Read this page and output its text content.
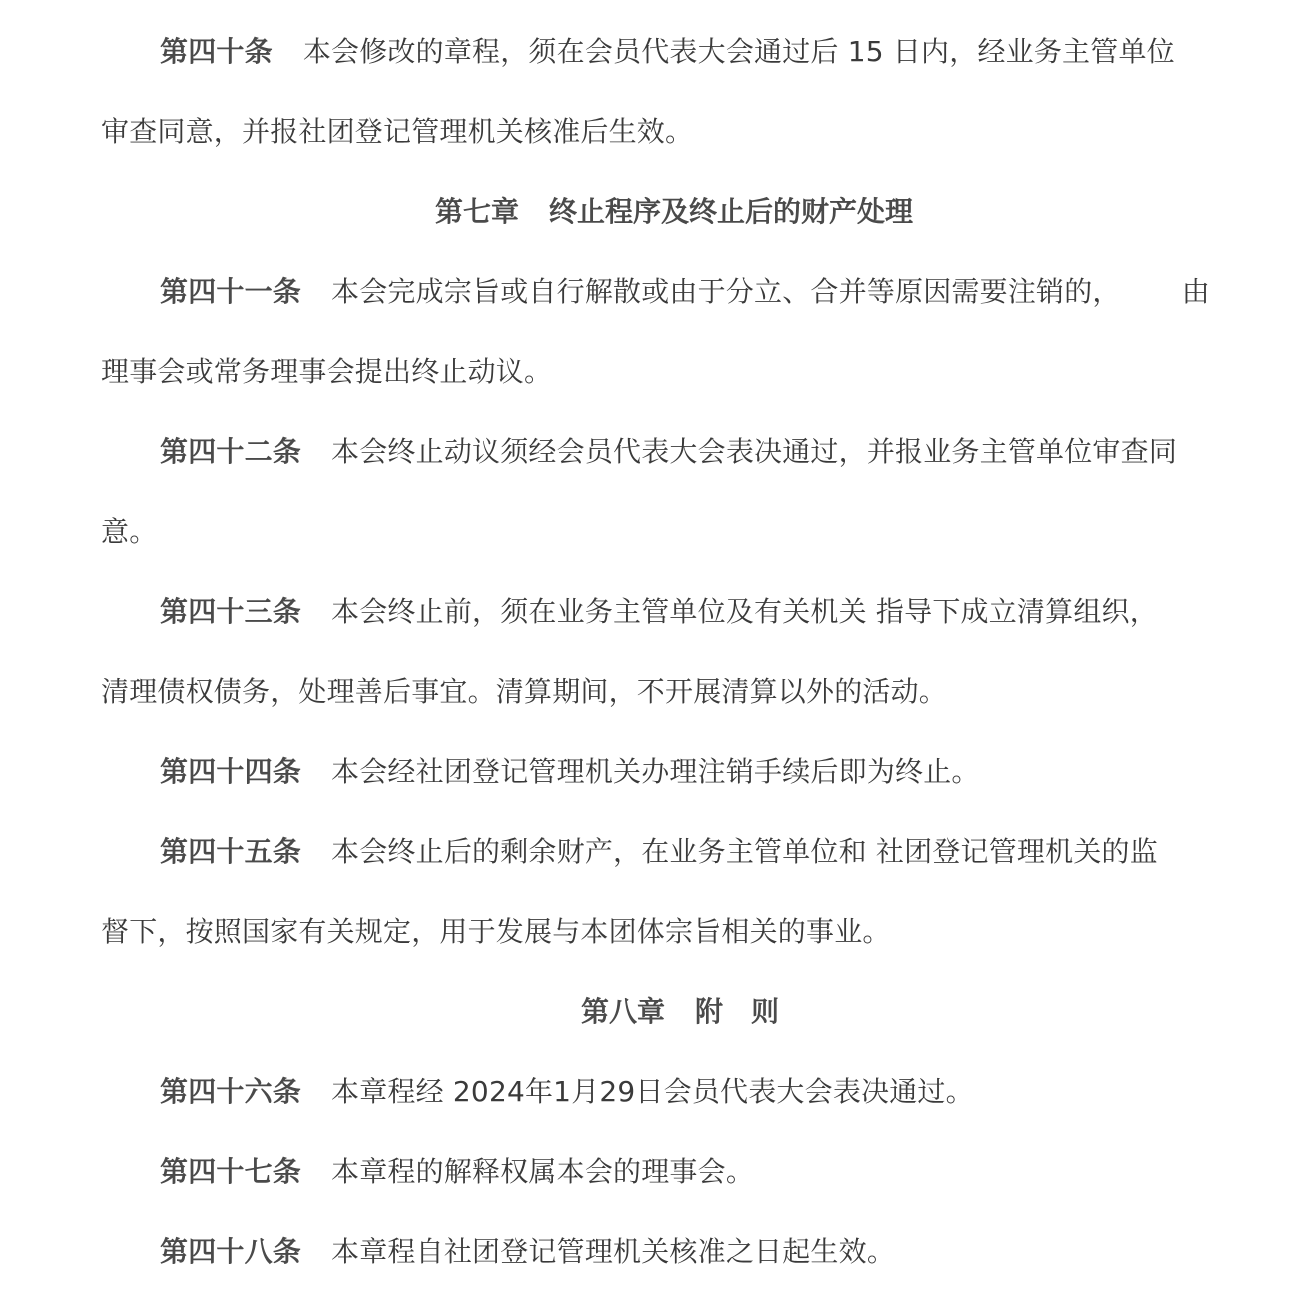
第四十条 本会修改的章程，须在会员代表大会通过后 15 日内，经业务主管单位
审查同意，并报社团登记管理机关核准后生效。
第七章 终止程序及终止后的财产处理
第四十一条 本会完成宗旨或自行解散或由于分立、合并等原因需要注销的， 由
理事会或常务理事会提出终止动议。
第四十二条 本会终止动议须经会员代表大会表决通过，并报业务主管单位审查同
意。
第四十三条 本会终止前，须在业务主管单位及有关机关 指导下成立清算组织，
清理债权债务，处理善后事宜。清算期间，不开展清算以外的活动。
第四十四条 本会经社团登记管理机关办理注销手续后即为终止。
第四十五条 本会终止后的剩余财产，在业务主管单位和 社团登记管理机关的监
督下，按照国家有关规定，用于发展与本团体宗旨相关的事业。
第八章 附 则
第四十六条 本章程经 2024年1月29日会员代表大会表决通过。
第四十七条 本章程的解释权属本会的理事会。
第四十八条 本章程自社团登记管理机关核准之日起生效。
